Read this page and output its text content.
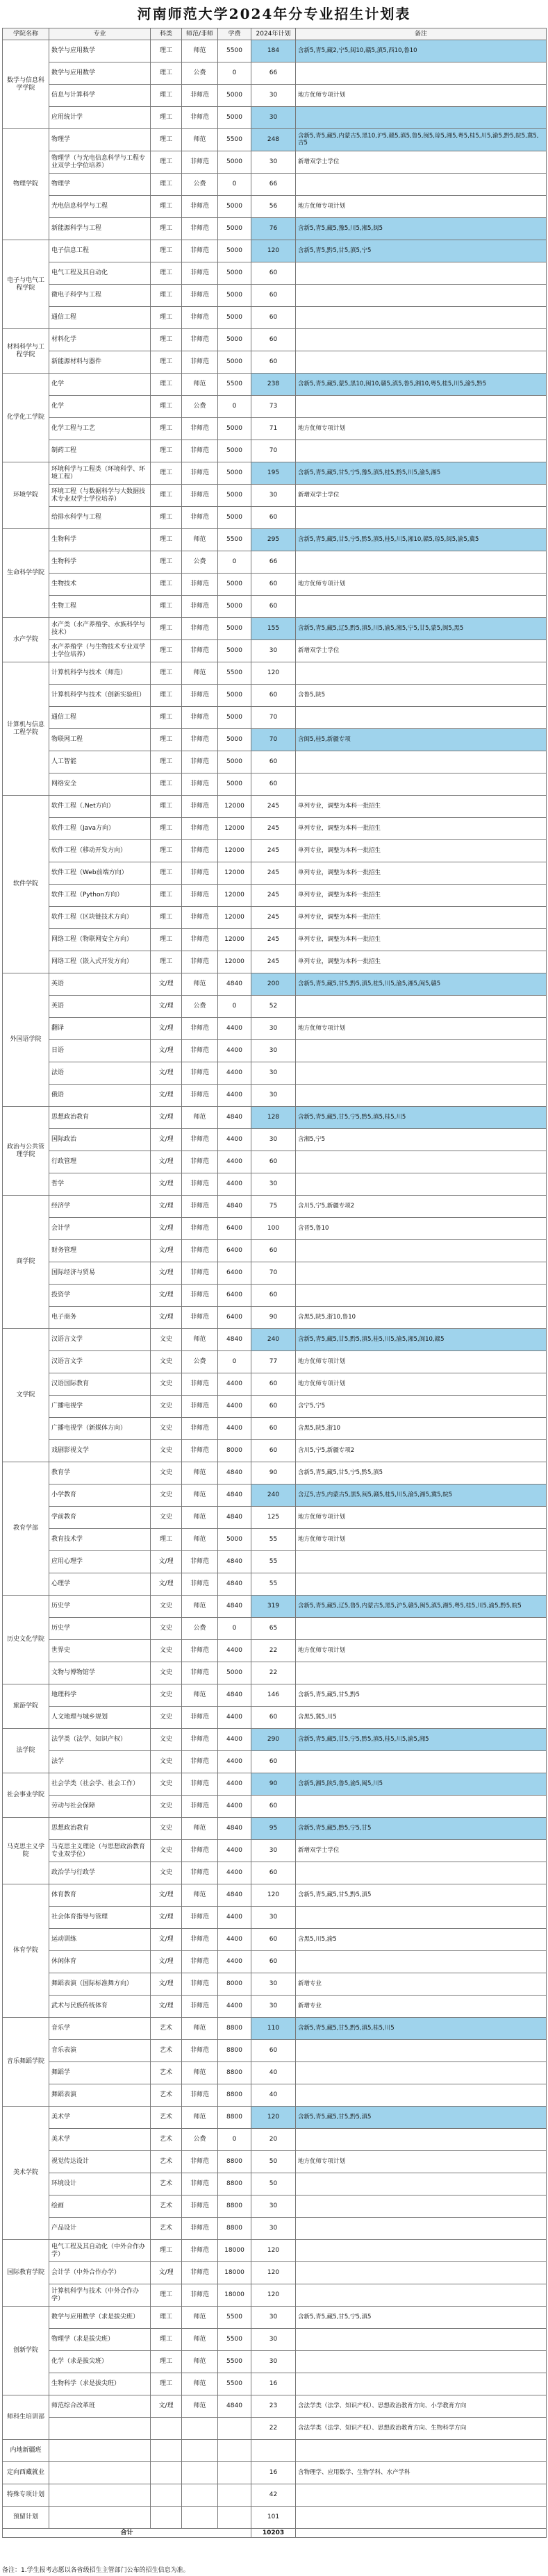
河南师范大学2024年分专业招生计划表
学院名称	专业	科类	师范/非师	学费	2024年计划	备注
数学与信息科学学院	数学与应用数学	理工	师范	5500	184	含新5,青5,藏2,宁5,闽10,赣5,滇5,西10,鲁10
	数学与应用数学	理工	公费	0	66	
	信息与计算科学	理工	非师范	5000	30	地方优师专项计划
	应用统计学	理工	非师范	5000	30	
物理学院	物理学	理工	师范	5500	248	含新5,青5,藏5,内蒙古5,黑10,沪5,赣5,滇5,鲁5,闽5,琼5,湘5,粤5,桂5,川5,渝5,黔5,皖5,冀5,吉5
	物理学（与光电信息科学与工程专业双学士学位培养）	理工	非师范	5000	30	新增双学士学位
	物理学	理工	公费	0	66	
	光电信息科学与工程	理工	非师范	5000	56	地方优师专项计划
	新能源科学与工程	理工	非师范	5000	76	含新5,青5,藏5,豫5,川5,湘5,闽5
电子与电气工程学院	电子信息工程	理工	非师范	5000	120	含新5,青5,黔5,甘5,滇5,宁5
	电气工程及其自动化	理工	非师范	5000	60	
	微电子科学与工程	理工	非师范	5000	60	
	通信工程	理工	非师范	5000	60	
材料科学与工程学院	材料化学	理工	非师范	5000	60	
	新能源材料与器件	理工	非师范	5000	60	
化学化工学院	化学	理工	师范	5500	238	含新5,青5,藏5,蒙5,黑10,闽10,赣5,滇5,鲁5,湘10,粤5,桂5,川5,渝5,黔5
	化学	理工	公费	0	73	
	化学工程与工艺	理工	非师范	5000	71	地方优师专项计划
	制药工程	理工	非师范	5000	70	
环境学院	环境科学与工程类（环境科学、环境工程）	理工	非师范	5000	195	含新5,青5,藏5,甘5,宁5,豫5,滇5,桂5,黔5,川5,渝5,湘5
	环境工程（与数据科学与大数据技术专业双学士学位培养）	理工	非师范	5000	30	新增双学士学位
	给排水科学与工程	理工	非师范	5000	60	
生命科学学院	生物科学	理工	师范	5500	295	含新5,青5,藏5,甘5,宁5,黔5,滇5,桂5,川5,湘10,赣5,琼5,闽5,渝5,冀5
	生物科学	理工	公费	0	66	
	生物技术	理工	非师范	5000	60	地方优师专项计划
	生物工程	理工	非师范	5000	60	
水产学院	水产类（水产养殖学、水族科学与技术）	理工	非师范	5000	155	含新5,青5,藏5,辽5,黔5,滇5,川5,渝5,湘5,宁5,甘5,蒙5,闽5,黑5
	水产养殖学（与生物技术专业双学士学位培养）	理工	非师范	5000	30	新增双学士学位
计算机与信息工程学院	计算机科学与技术（师范）	理工	师范	5500	120	
	计算机科学与技术（创新实验班）	理工	非师范	5000	60	含鲁5,陕5
	通信工程	理工	非师范	5000	70	
	物联网工程	理工	非师范	5000	70	含闽5,桂5,新疆专项
	人工智能	理工	非师范	5000	60	
	网络安全	理工	非师范	5000	60	
软件学院	软件工程（.Net方向）	理工	非师范	12000	245	单列专业，调整为本科一批招生
	软件工程（Java方向）	理工	非师范	12000	245	单列专业，调整为本科一批招生
	软件工程（移动开发方向）	理工	非师范	12000	245	单列专业，调整为本科一批招生
	软件工程（Web前端方向）	理工	非师范	12000	245	单列专业，调整为本科一批招生
	软件工程（Python方向）	理工	非师范	12000	245	单列专业，调整为本科一批招生
	软件工程（区块链技术方向）	理工	非师范	12000	245	单列专业，调整为本科一批招生
	网络工程（物联网安全方向）	理工	非师范	12000	245	单列专业，调整为本科一批招生
	网络工程（嵌入式开发方向）	理工	非师范	12000	245	单列专业，调整为本科一批招生
外国语学院	英语	文/理	师范	4840	200	含新5,青5,藏5,甘5,黔5,滇5,桂5,川5,渝5,湘5,闽5,赣5
	英语	文/理	公费	0	52	
	翻译	文/理	非师范	4400	30	地方优师专项计划
	日语	文/理	非师范	4400	30	
	法语	文/理	非师范	4400	30	
	俄语	文/理	非师范	4400	30	
政治与公共管理学院	思想政治教育	文/理	师范	4840	128	含新5,青5,藏5,甘5,宁5,黔5,滇5,桂5,川5
	国际政治	文/理	非师范	4400	30	含湘5,宁5
	行政管理	文/理	非师范	4400	60	
	哲学	文/理	非师范	4400	30	
商学院	经济学	文/理	非师范	4840	75	含川5,宁5,新疆专项2
	会计学	文/理	非师范	6400	100	含晋5,鲁10
	财务管理	文/理	非师范	6400	60	
	国际经济与贸易	文/理	非师范	6400	70	
	投资学	文/理	非师范	6400	60	
	电子商务	文/理	非师范	6400	90	含黑5,陕5,浙10,鲁10
文学院	汉语言文学	文史	师范	4840	240	含新5,青5,藏5,甘5,黔5,滇5,桂5,川5,渝5,湘5,闽10,赣5
	汉语言文学	文史	公费	0	77	地方优师专项计划
	汉语国际教育	文史	非师范	4400	60	地方优师专项计划
	广播电视学	文史	非师范	4400	60	含宁5,宁5
	广播电视学（新媒体方向）	文史	非师范	4400	60	含黑5,陕5,浙10
	戏剧影视文学	文史	非师范	8000	60	含川5,宁5,新疆专项2
教育学部	教育学	文史	师范	4840	90	含新5,青5,藏5,甘5,宁5,黔5,滇5
	小学教育	文史	师范	4840	240	含辽5,吉5,内蒙古5,黑5,闽5,赣5,桂5,川5,渝5,湘5,冀5,皖5
	学前教育	文史	师范	4840	125	地方优师专项计划
	教育技术学	理工	师范	5000	55	地方优师专项计划
	应用心理学	文/理	非师范	4840	55	
	心理学	文/理	非师范	4840	55	
历史文化学院	历史学	文史	师范	4840	319	含新5,青5,藏5,辽5,鲁5,内蒙古5,黑5,沪5,赣5,闽5,滇5,湘5,粤5,桂5,川5,渝5,黔5,皖5
	历史学	文史	公费	0	65	
	世界史	文史	非师范	4400	22	地方优师专项计划
	文物与博物馆学	文史	非师范	5000	22	
旅游学院	地理科学	文史	师范	4840	146	含新5,青5,藏5,甘5,黔5
	人文地理与城乡规划	文史	非师范	4400	60	含黑5,冀5,川5
法学院	法学类（法学、知识产权）	文史	非师范	4400	290	含新5,青5,藏5,甘5,宁5,黔5,滇5,桂5,川5,渝5,湘5
	法学	文史	非师范	4400	60	
社会事业学院	社会学类（社会学、社会工作）	文史	非师范	4400	90	含新5,湘5,陕5,鲁5,渝5,闽5,川5
	劳动与社会保障	文史	非师范	4400	60	
马克思主义学院	思想政治教育	文史	师范	4840	95	含新5,青5,藏5,黔5,宁5,甘5
	马克思主义理论（与思想政治教育专业双学位）	文史	非师范	4400	30	新增双学士学位
	政治学与行政学	文史	非师范	4400	60	
体育学院	体育教育	文/理	师范	4840	120	含新5,青5,藏5,甘5,黔5,滇5
	社会体育指导与管理	文/理	非师范	4400	30	
	运动训练	文/理	非师范	4400	60	含黑5,川5,渝5
	休闲体育	文/理	非师范	4400	60	
	舞蹈表演（国际标准舞方向）	文/理	非师范	8000	30	新增专业
	武术与民族传统体育	文/理	非师范	4400	30	新增专业
音乐舞蹈学院	音乐学	艺术	师范	8800	110	含新5,青5,藏5,甘5,黔5,滇5,桂5,川5
	音乐表演	艺术	非师范	8800	60	
	舞蹈学	艺术	师范	8800	40	
	舞蹈表演	艺术	非师范	8800	40	
美术学院	美术学	艺术	师范	8800	120	含新5,青5,藏5,甘5,黔5,滇5
	美术学	艺术	公费	0	20	
	视觉传达设计	艺术	非师范	8800	50	地方优师专项计划
	环境设计	艺术	非师范	8800	50	
	绘画	艺术	非师范	8800	30	
	产品设计	艺术	非师范	8800	30	
国际教育学院	电气工程及其自动化（中外合作办学）	理工	非师范	18000	120	
	会计学（中外合作办学）	文/理	非师范	18000	120	
	计算机科学与技术（中外合作办学）	理工	非师范	18000	120	
创新学院	数学与应用数学（求是拔尖班）	理工	师范	5500	30	含新5,青5,藏5,甘5,宁5,滇5
	物理学（求是拔尖班）	理工	师范	5500	30	
	化学（求是拔尖班）	理工	师范	5500	30	
	生物科学（求是拔尖班）	理工	师范	5500	16	
师科生培训部	师范综合改革班	文/理	师范	4840	23	含法学类（法学、知识产权）、思想政治教育方向、小学教育方向
					22	含法学类（法学、知识产权）、思想政治教育方向、生物科学方向
内地新疆班						
定向西藏就业					16	含物理学、应用数学、生物学科、水产学科
特殊专项计划					42	
预留计划					101	
合计					10203	
备注：1.学生报考志愿以各省级招生主管部门公布的招生信息为准。
